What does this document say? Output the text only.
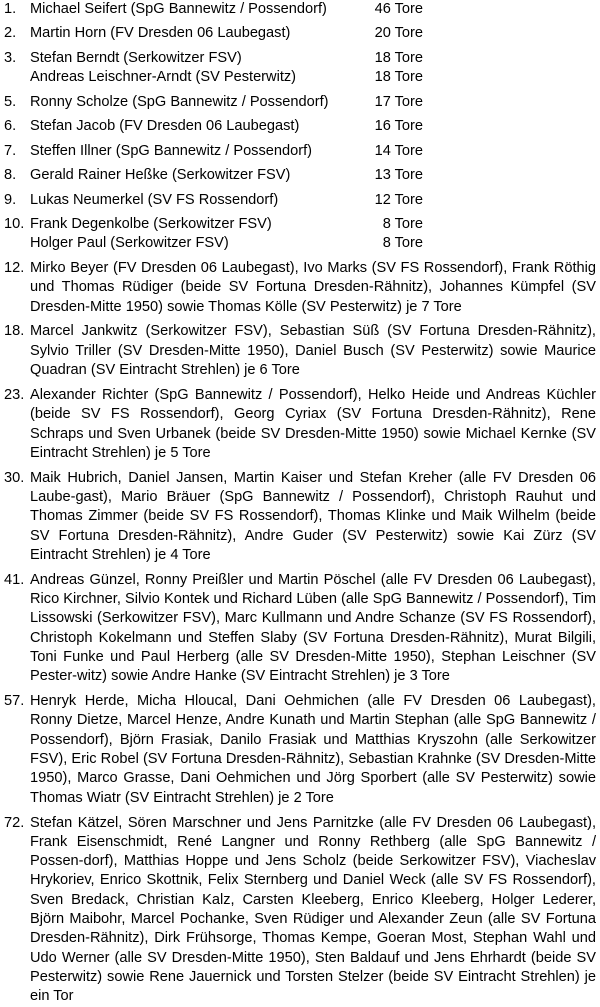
1. Michael Seifert (SpG Bannewitz / Possendorf)	46 Tore
2. Martin Horn (FV Dresden 06 Laubegast)	20 Tore
3. Stefan Berndt (Serkowitzer FSV)	18 Tore
Andreas Leischner-Arndt (SV Pesterwitz)	18 Tore
5. Ronny Scholze (SpG Bannewitz / Possendorf)	17 Tore
6. Stefan Jacob (FV Dresden 06 Laubegast)	16 Tore
7. Steffen Illner (SpG Bannewitz / Possendorf)	14 Tore
8. Gerald Rainer Heßke (Serkowitzer FSV)	13 Tore
9. Lukas Neumerkel (SV FS Rossendorf)	12 Tore
10. Frank Degenkolbe (Serkowitzer FSV)	8 Tore
Holger Paul (Serkowitzer FSV)	8 Tore
12. Mirko Beyer (FV Dresden 06 Laubegast), Ivo Marks (SV FS Rossendorf), Frank Röthig und Thomas Rüdiger (beide SV Fortuna Dresden-Rähnitz), Johannes Kümpfel (SV Dresden-Mitte 1950) sowie Thomas Kölle (SV Pesterwitz) je 7 Tore
18. Marcel Jankwitz (Serkowitzer FSV), Sebastian Süß (SV Fortuna Dresden-Rähnitz), Sylvio Triller (SV Dresden-Mitte 1950), Daniel Busch (SV Pesterwitz) sowie Maurice Quadran (SV Eintracht Strehlen) je 6 Tore
23. Alexander Richter (SpG Bannewitz / Possendorf), Helko Heide und Andreas Küchler (beide SV FS Rossendorf), Georg Cyriax (SV Fortuna Dresden-Rähnitz), Rene Schraps und Sven Urbanek (beide SV Dresden-Mitte 1950) sowie Michael Kernke (SV Eintracht Strehlen) je 5 Tore
30. Maik Hubrich, Daniel Jansen, Martin Kaiser und Stefan Kreher (alle FV Dresden 06 Laube-gast), Mario Bräuer (SpG Bannewitz / Possendorf), Christoph Rauhut und Thomas Zimmer (beide SV FS Rossendorf), Thomas Klinke und Maik Wilhelm (beide SV Fortuna Dresden-Rähnitz), Andre Guder (SV Pesterwitz) sowie Kai Zürz (SV Eintracht Strehlen) je 4 Tore
41. Andreas Günzel, Ronny Preißler und Martin Pöschel (alle FV Dresden 06 Laubegast), Rico Kirchner, Silvio Kontek und Richard Lüben (alle SpG Bannewitz / Possendorf), Tim Lissowski (Serkowitzer FSV), Marc Kullmann und Andre Schanze (SV FS Rossendorf), Christoph Kokelmann und Steffen Slaby (SV Fortuna Dresden-Rähnitz), Murat Bilgili, Toni Funke und Paul Herberg (alle SV Dresden-Mitte 1950), Stephan Leischner (SV Pester-witz) sowie Andre Hanke (SV Eintracht Strehlen) je 3 Tore
57. Henryk Herde, Micha Hloucal, Dani Oehmichen (alle FV Dresden 06 Laubegast), Ronny Dietze, Marcel Henze, Andre Kunath und Martin Stephan (alle SpG Bannewitz / Possendorf), Björn Frasiak, Danilo Frasiak und Matthias Kryszohn (alle Serkowitzer FSV), Eric Robel (SV Fortuna Dresden-Rähnitz), Sebastian Krahnke (SV Dresden-Mitte 1950), Marco Grasse, Dani Oehmichen und Jörg Sporbert (alle SV Pesterwitz) sowie Thomas Wiatr (SV Eintracht Strehlen) je 2 Tore
72. Stefan Kätzel, Sören Marschner und Jens Parnitzke (alle FV Dresden 06 Laubegast), Frank Eisenschmidt, René Langner und Ronny Rethberg (alle SpG Bannewitz / Possen-dorf), Matthias Hoppe und Jens Scholz (beide Serkowitzer FSV), Viacheslav Hrykoriev, Enrico Skottnik, Felix Sternberg und Daniel Weck (alle SV FS Rossendorf), Sven Bredack, Christian Kalz, Carsten Kleeberg, Enrico Kleeberg, Holger Lederer, Björn Maibohr, Marcel Pochanke, Sven Rüdiger und Alexander Zeun (alle SV Fortuna Dresden-Rähnitz), Dirk Frühsorge, Thomas Kempe, Goeran Most, Stephan Wahl und Udo Werner (alle SV Dresden-Mitte 1950), Sten Baldauf und Jens Ehrhardt (beide SV Pesterwitz) sowie Rene Jauernick und Torsten Stelzer (beide SV Eintracht Strehlen) je ein Tor
